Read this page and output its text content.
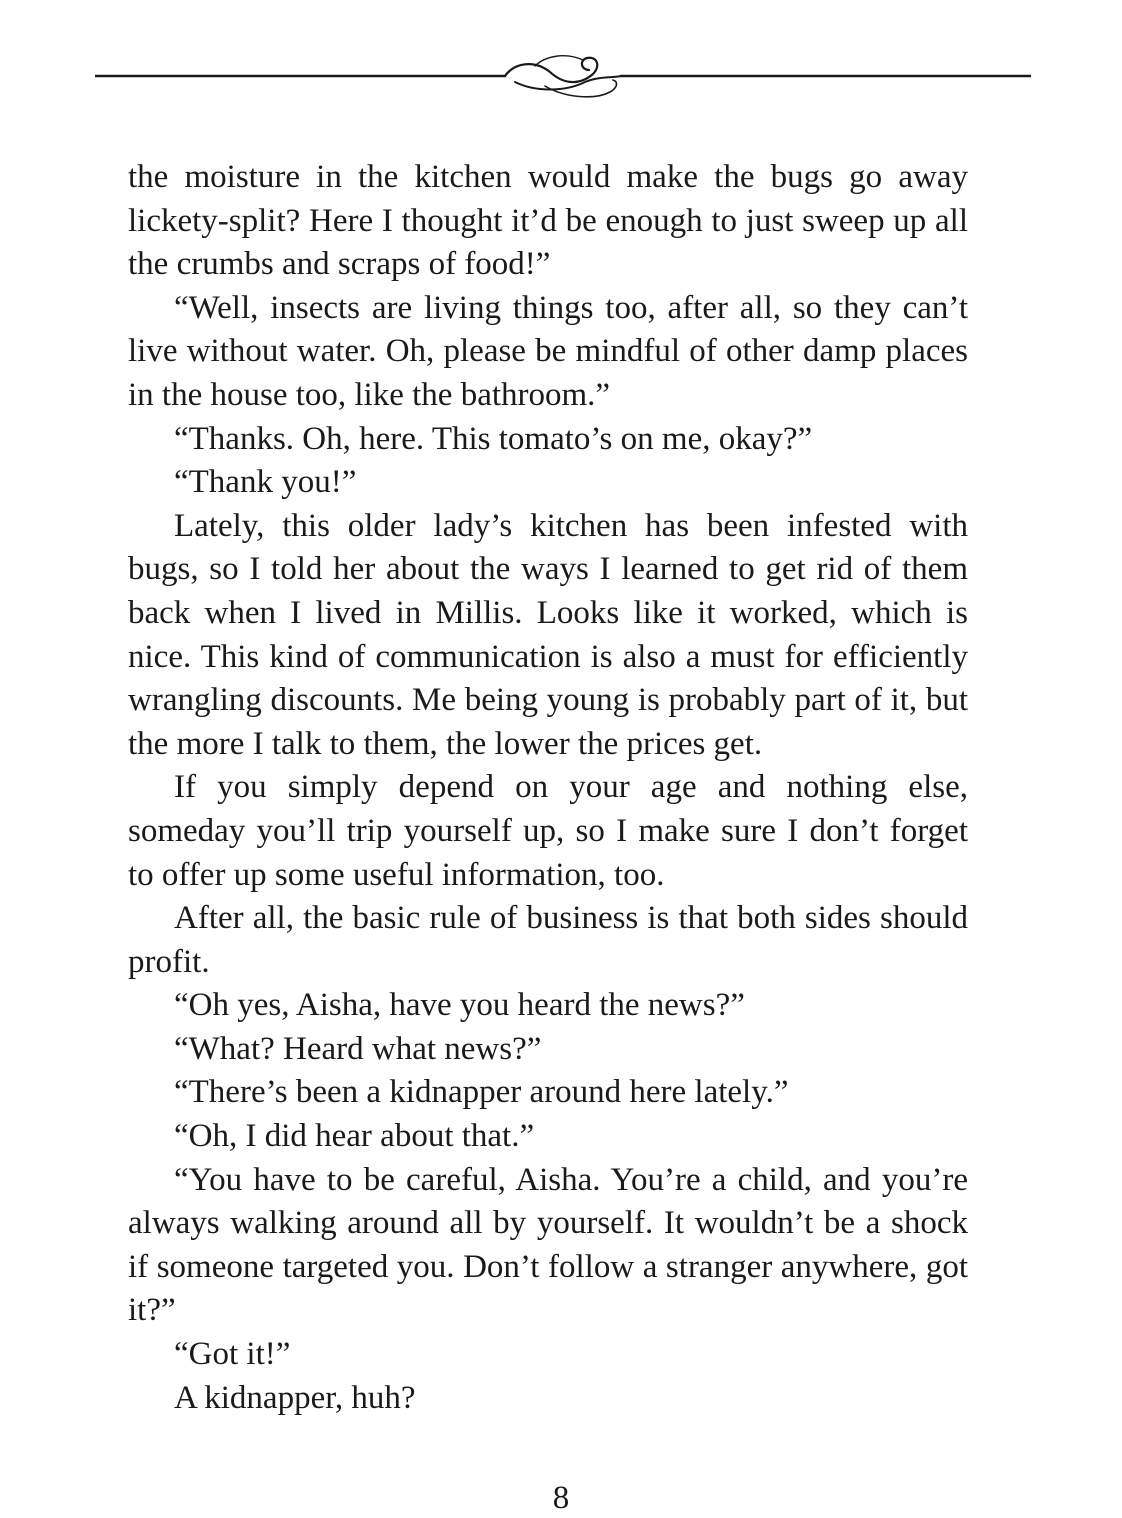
the moisture in the kitchen would make the bugs go away lickety-split? Here I thought it’d be enough to just sweep up all the crumbs and scraps of food!”

“Well, insects are living things too, after all, so they can’t live without water. Oh, please be mindful of other damp places in the house too, like the bathroom.”

“Thanks. Oh, here. This tomato’s on me, okay?”

“Thank you!”

Lately, this older lady’s kitchen has been infested with bugs, so I told her about the ways I learned to get rid of them back when I lived in Millis. Looks like it worked, which is nice. This kind of communication is also a must for efficiently wrangling discounts. Me being young is probably part of it, but the more I talk to them, the lower the prices get.

If you simply depend on your age and nothing else, someday you’ll trip yourself up, so I make sure I don’t forget to offer up some useful information, too.

After all, the basic rule of business is that both sides should profit.

“Oh yes, Aisha, have you heard the news?”

“What? Heard what news?”

“There’s been a kidnapper around here lately.”

“Oh, I did hear about that.”

“You have to be careful, Aisha. You’re a child, and you’re always walking around all by yourself. It wouldn’t be a shock if someone targeted you. Don’t follow a stranger anywhere, got it?”

“Got it!”

A kidnapper, huh?

8
